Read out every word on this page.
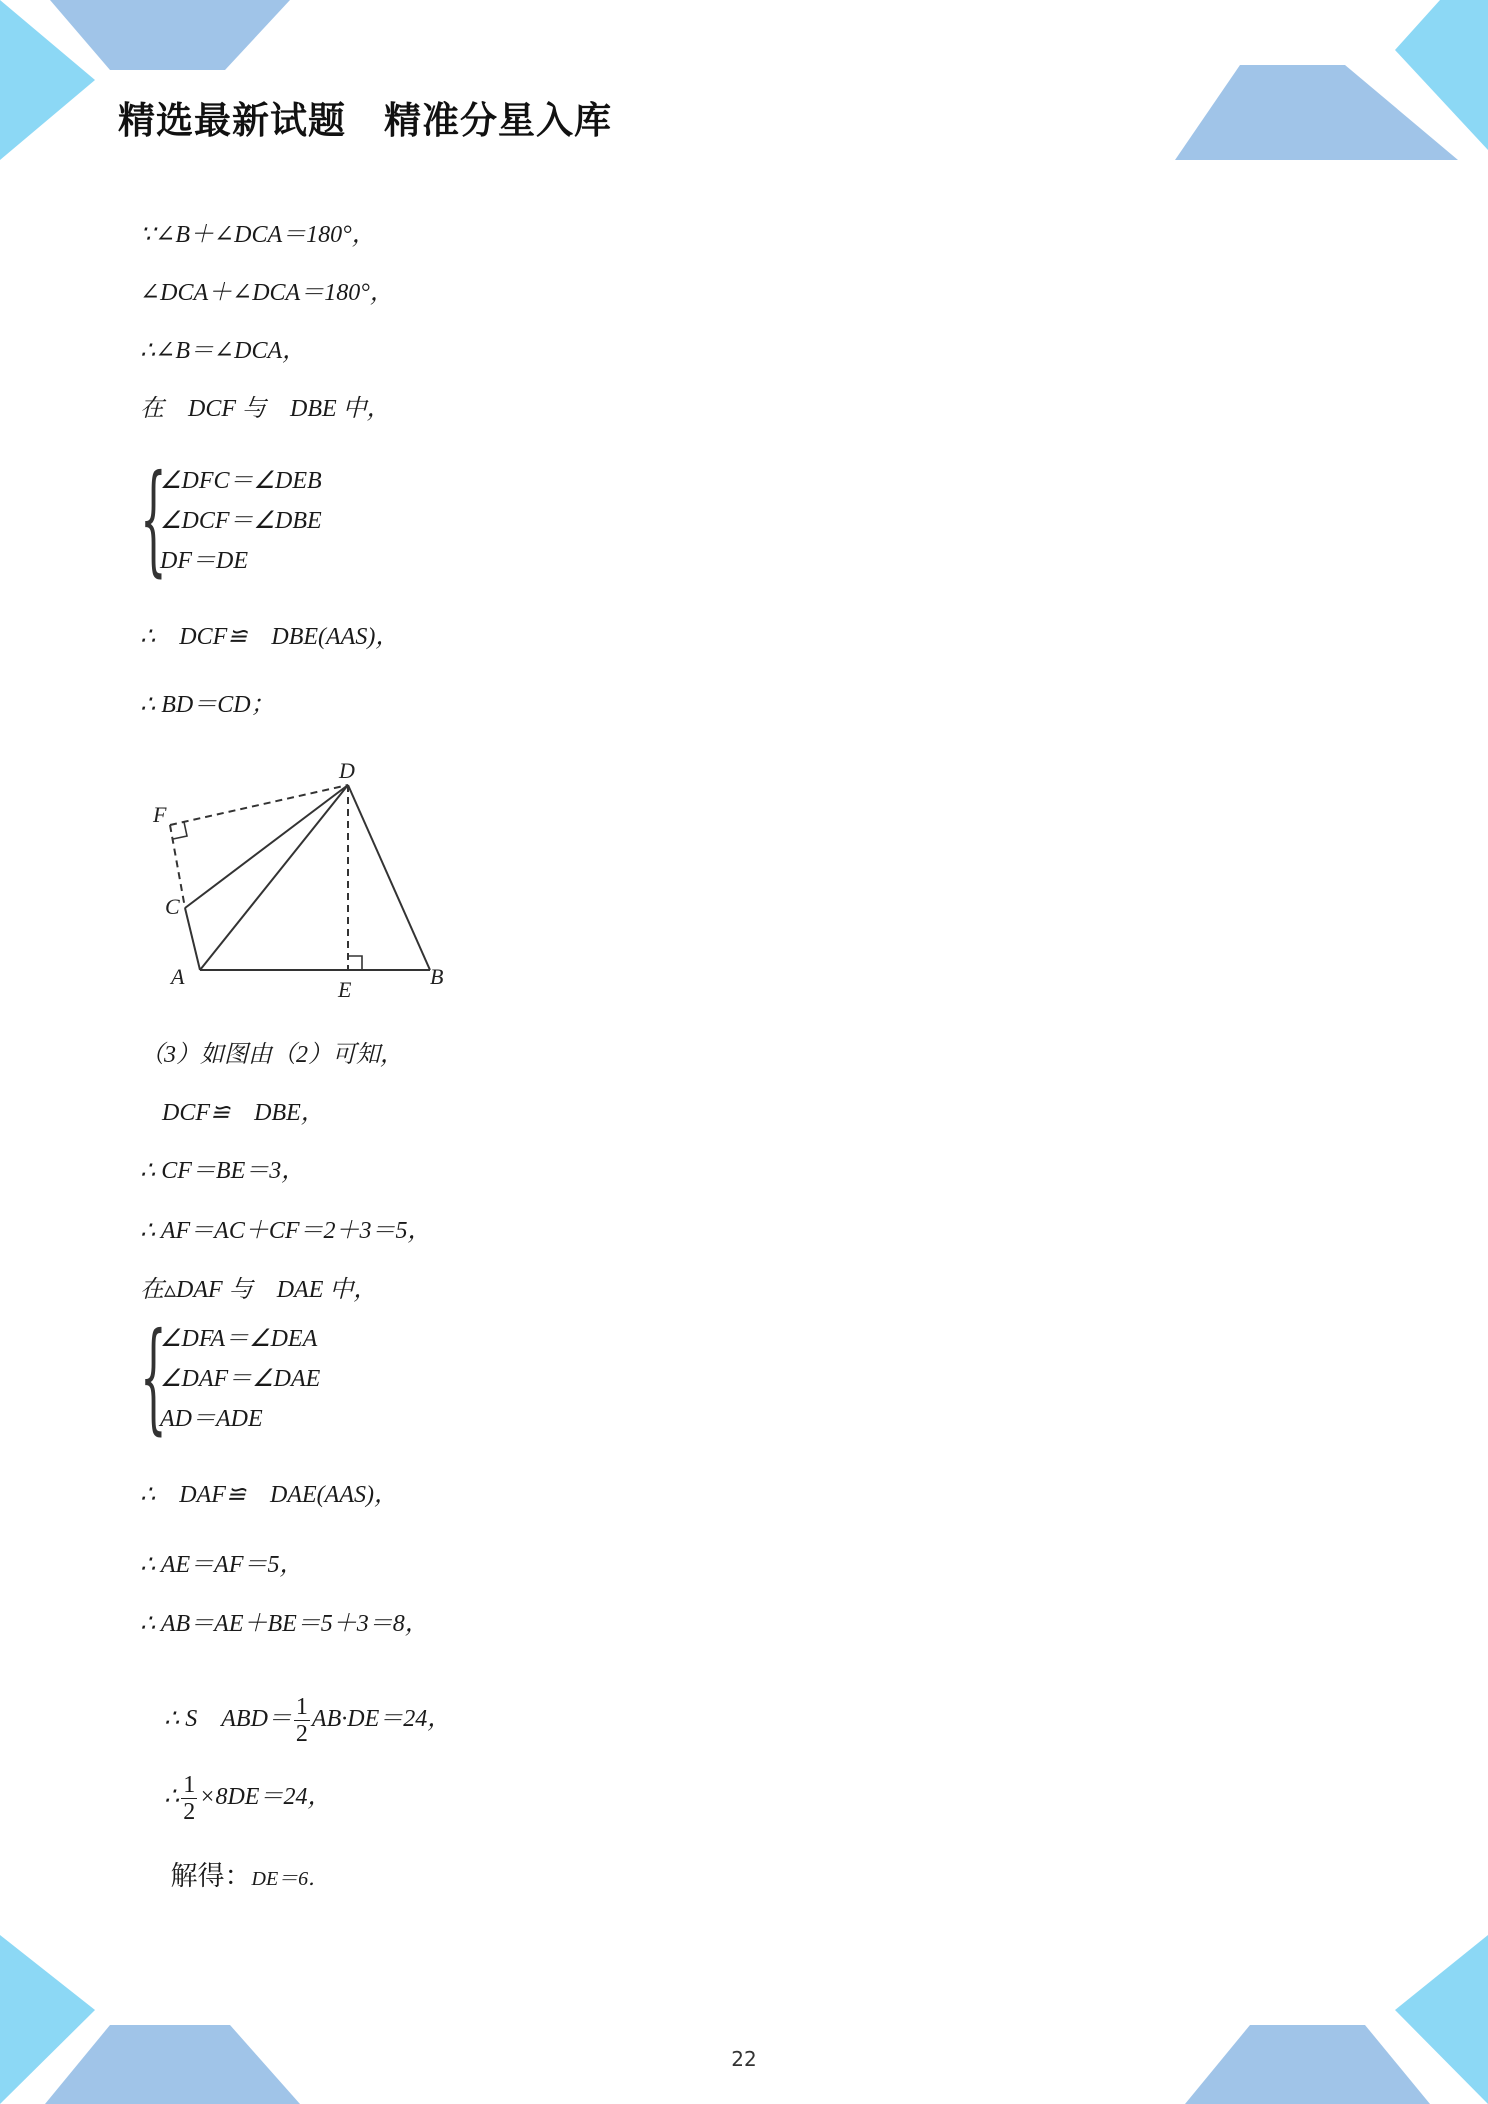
精选最新试题　精准分星入库
∵∠B＋∠DCA＝180°，
∠DCA＋∠DCA＝180°，
∴∠B＝∠DCA，
在　DCF 与　DBE 中，
{
∠DFC＝∠DEB
∠DCF＝∠DBE
DF＝DE
∴　DCF≌　DBE(AAS)，
∴ BD＝CD；
（3）如图由（2）可知，
DCF≌　DBE，
∴ CF＝BE＝3，
∴ AF＝AC＋CF＝2＋3＝5，
在▵DAF 与　DAE 中，
{
∠DFA＝∠DEA
∠DAF＝∠DAE
AD＝ADE
∴　DAF≌　DAE(AAS)，
∴ AE＝AF＝5，
∴ AB＝AE＋BE＝5＋3＝8，

∴ S　$ABD= \frac{1}{2} AB\cdot DE=24$，

∴ $\frac{1}{2} \times 8DE=24$，

解得：DE＝6．

D
F
C
A
E
B
22
